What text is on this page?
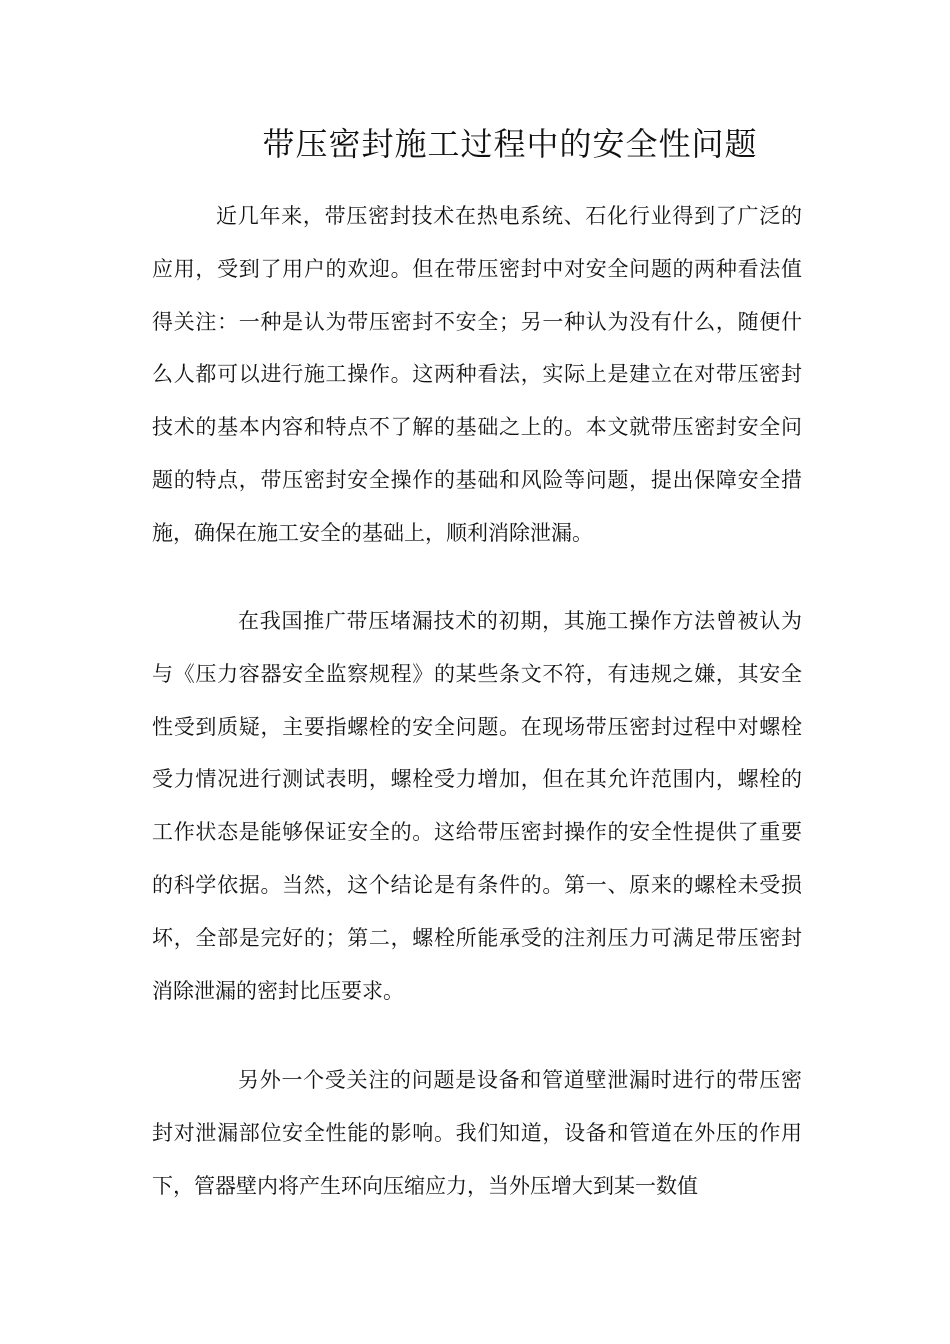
带压密封施工过程中的安全性问题

近几年来，带压密封技术在热电系统、石化行业得到了广泛的应用，受到了用户的欢迎。但在带压密封中对安全问题的两种看法值得关注：一种是认为带压密封不安全；另一种认为没有什么，随便什么人都可以进行施工操作。这两种看法，实际上是建立在对带压密封技术的基本内容和特点不了解的基础之上的。本文就带压密封安全问题的特点，带压密封安全操作的基础和风险等问题，提出保障安全措施，确保在施工安全的基础上，顺利消除泄漏。

在我国推广带压堵漏技术的初期，其施工操作方法曾被认为与《压力容器安全监察规程》的某些条文不符，有违规之嫌，其安全性受到质疑，主要指螺栓的安全问题。在现场带压密封过程中对螺栓受力情况进行测试表明，螺栓受力增加，但在其允许范围内，螺栓的工作状态是能够保证安全的。这给带压密封操作的安全性提供了重要的科学依据。当然，这个结论是有条件的。第一、原来的螺栓未受损坏，全部是完好的；第二，螺栓所能承受的注剂压力可满足带压密封消除泄漏的密封比压要求。

另外一个受关注的问题是设备和管道壁泄漏时进行的带压密封对泄漏部位安全性能的影响。我们知道，设备和管道在外压的作用下，管器壁内将产生环向压缩应力，当外压增大到某一数值
